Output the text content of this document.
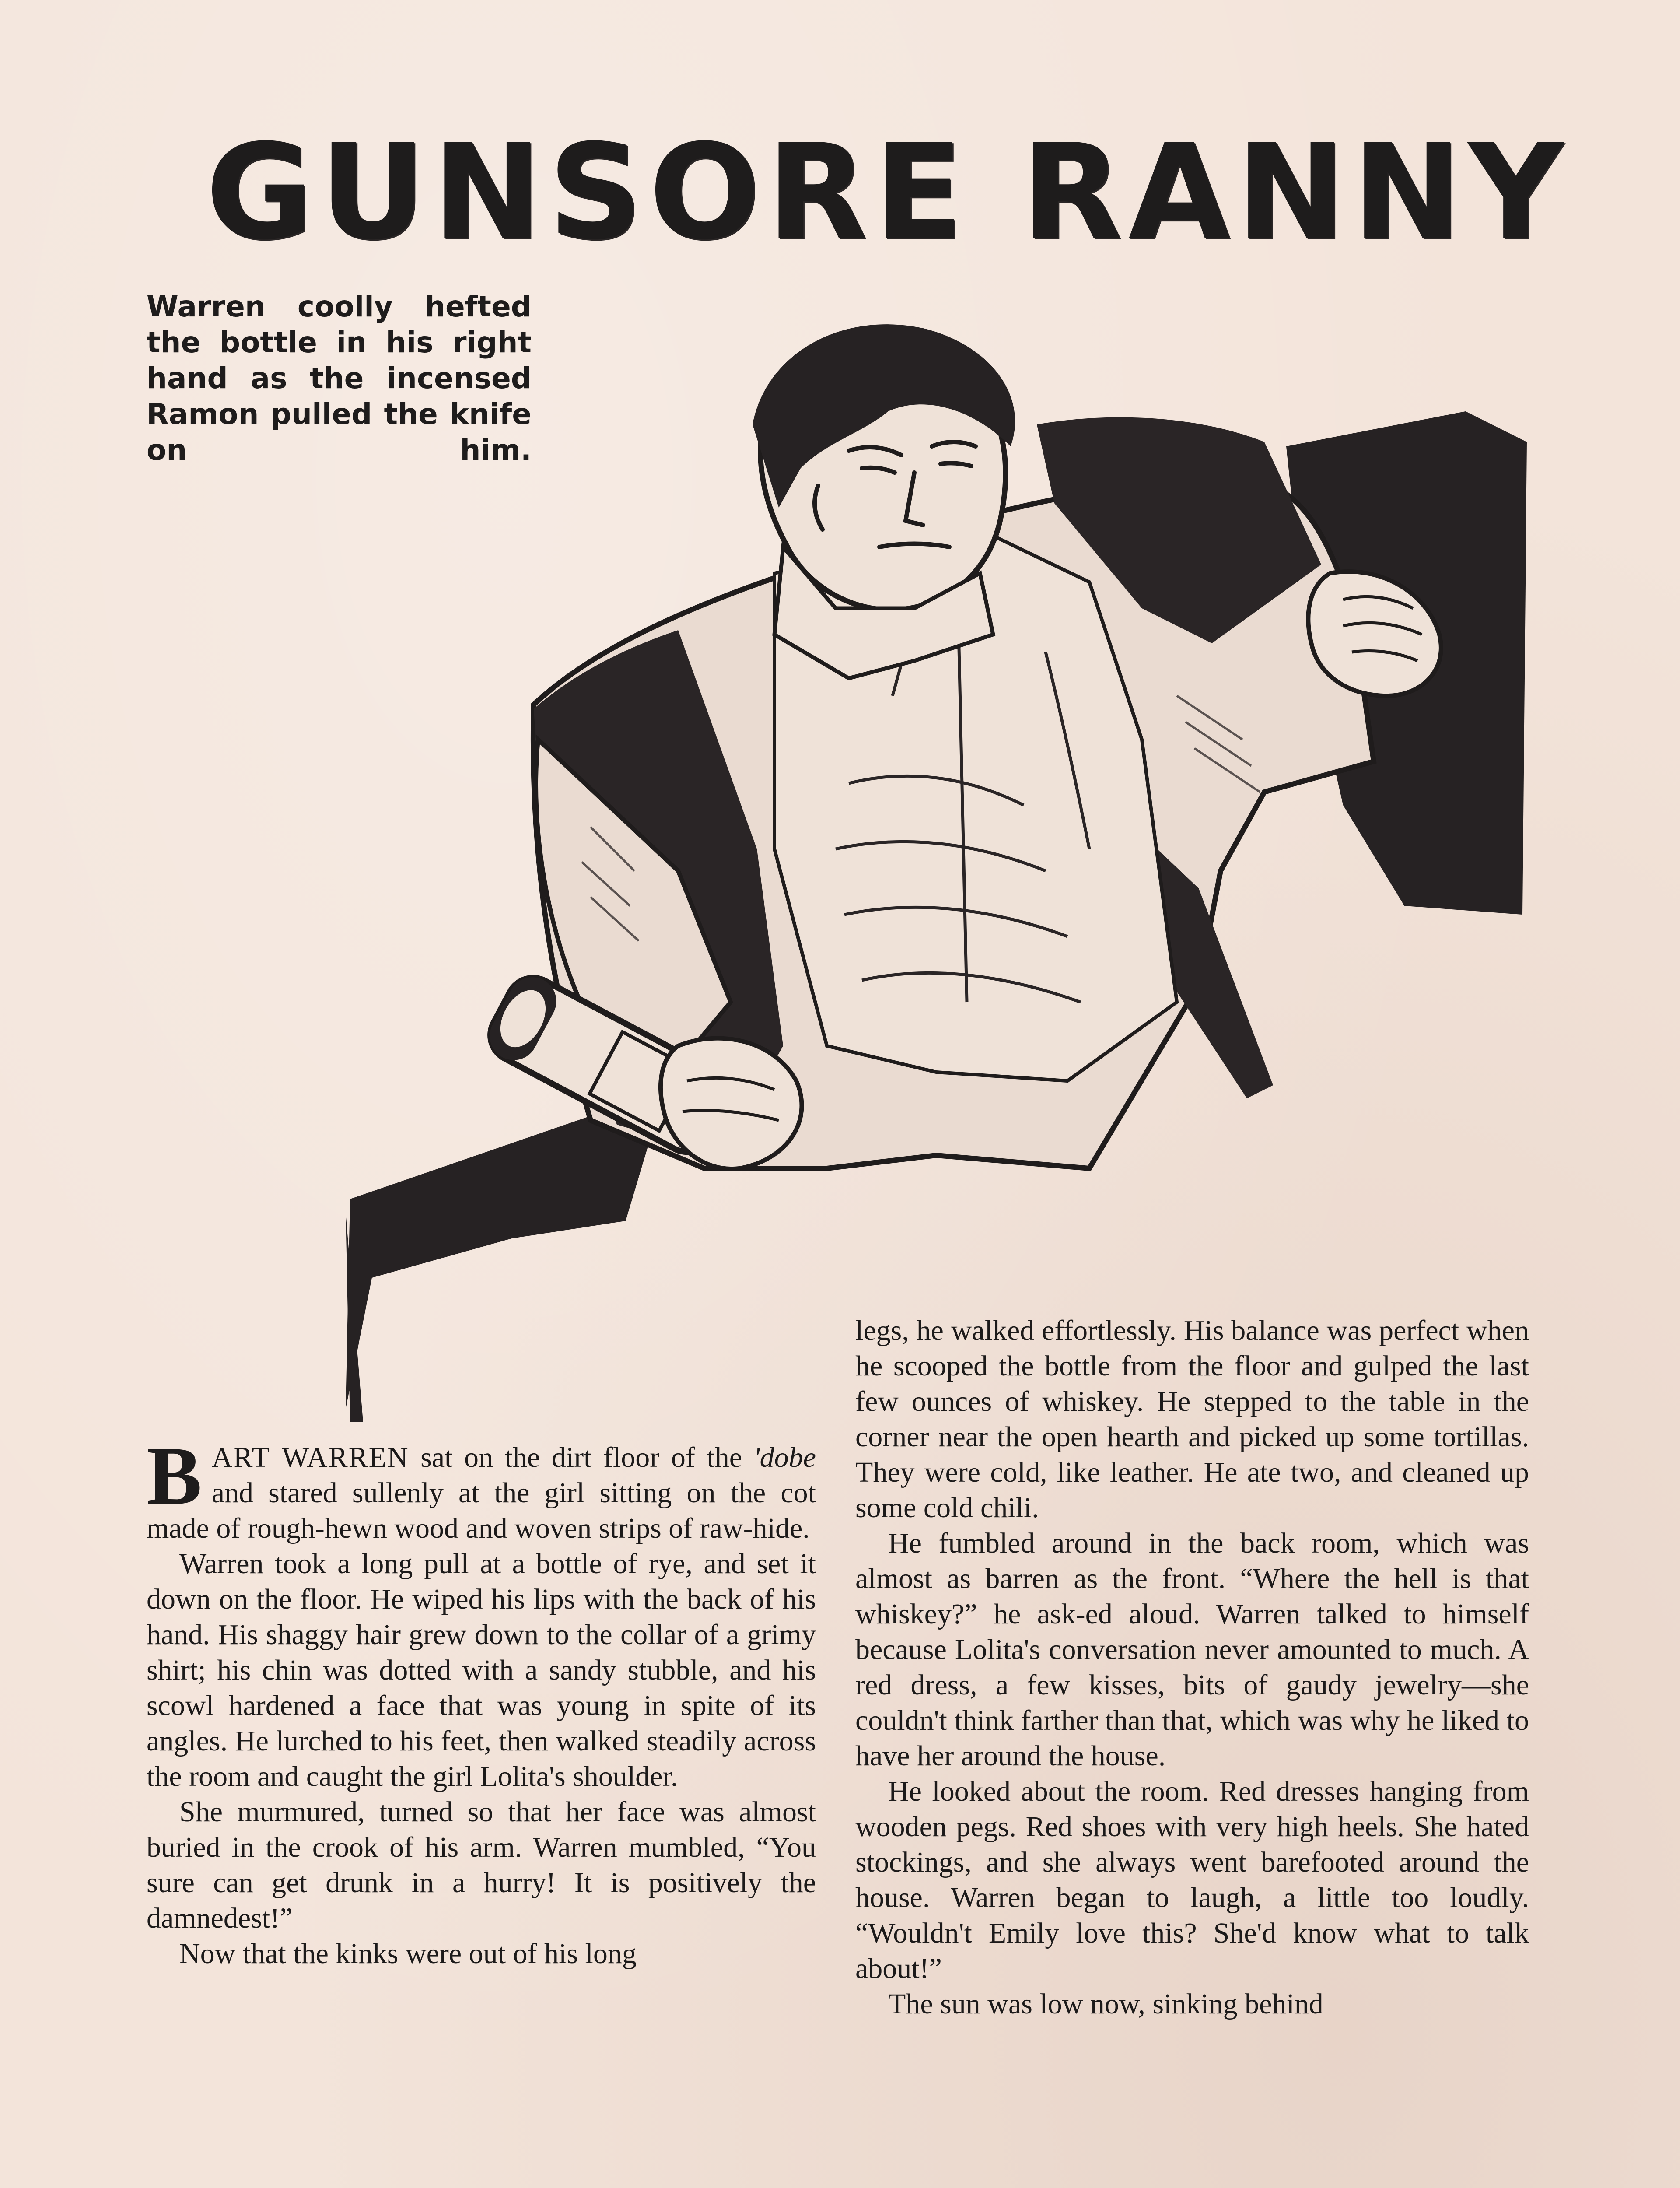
GUNSORE RANNY
Warren coolly hefted the bottle in his right hand as the incensed Ramon pulled the knife on him.

BART WARREN sat on the dirt floor of the 'dobe and stared sullenly at the girl sitting on the cot made of rough-hewn wood and woven strips of raw-hide.

Warren took a long pull at a bottle of rye, and set it down on the floor. He wiped his lips with the back of his hand. His shaggy hair grew down to the collar of a grimy shirt; his chin was dotted with a sandy stubble, and his scowl hardened a face that was young in spite of its angles. He lurched to his feet, then walked steadily across the room and caught the girl Lolita's shoulder.

She murmured, turned so that her face was almost buried in the crook of his arm. Warren mumbled, “You sure can get drunk in a hurry! It is positively the damnedest!”

Now that the kinks were out of his long

legs, he walked effortlessly. His balance was perfect when he scooped the bottle from the floor and gulped the last few ounces of whiskey. He stepped to the table in the corner near the open hearth and picked up some tortillas. They were cold, like leather. He ate two, and cleaned up some cold chili.

He fumbled around in the back room, which was almost as barren as the front. “Where the hell is that whiskey?” he ask-ed aloud. Warren talked to himself because Lolita's conversation never amounted to much. A red dress, a few kisses, bits of gaudy jewelry—she couldn't think farther than that, which was why he liked to have her around the house.

He looked about the room. Red dresses hanging from wooden pegs. Red shoes with very high heels. She hated stockings, and she always went barefooted around the house. Warren began to laugh, a little too loudly. “Wouldn't Emily love this? She'd know what to talk about!”

The sun was low now, sinking behind
